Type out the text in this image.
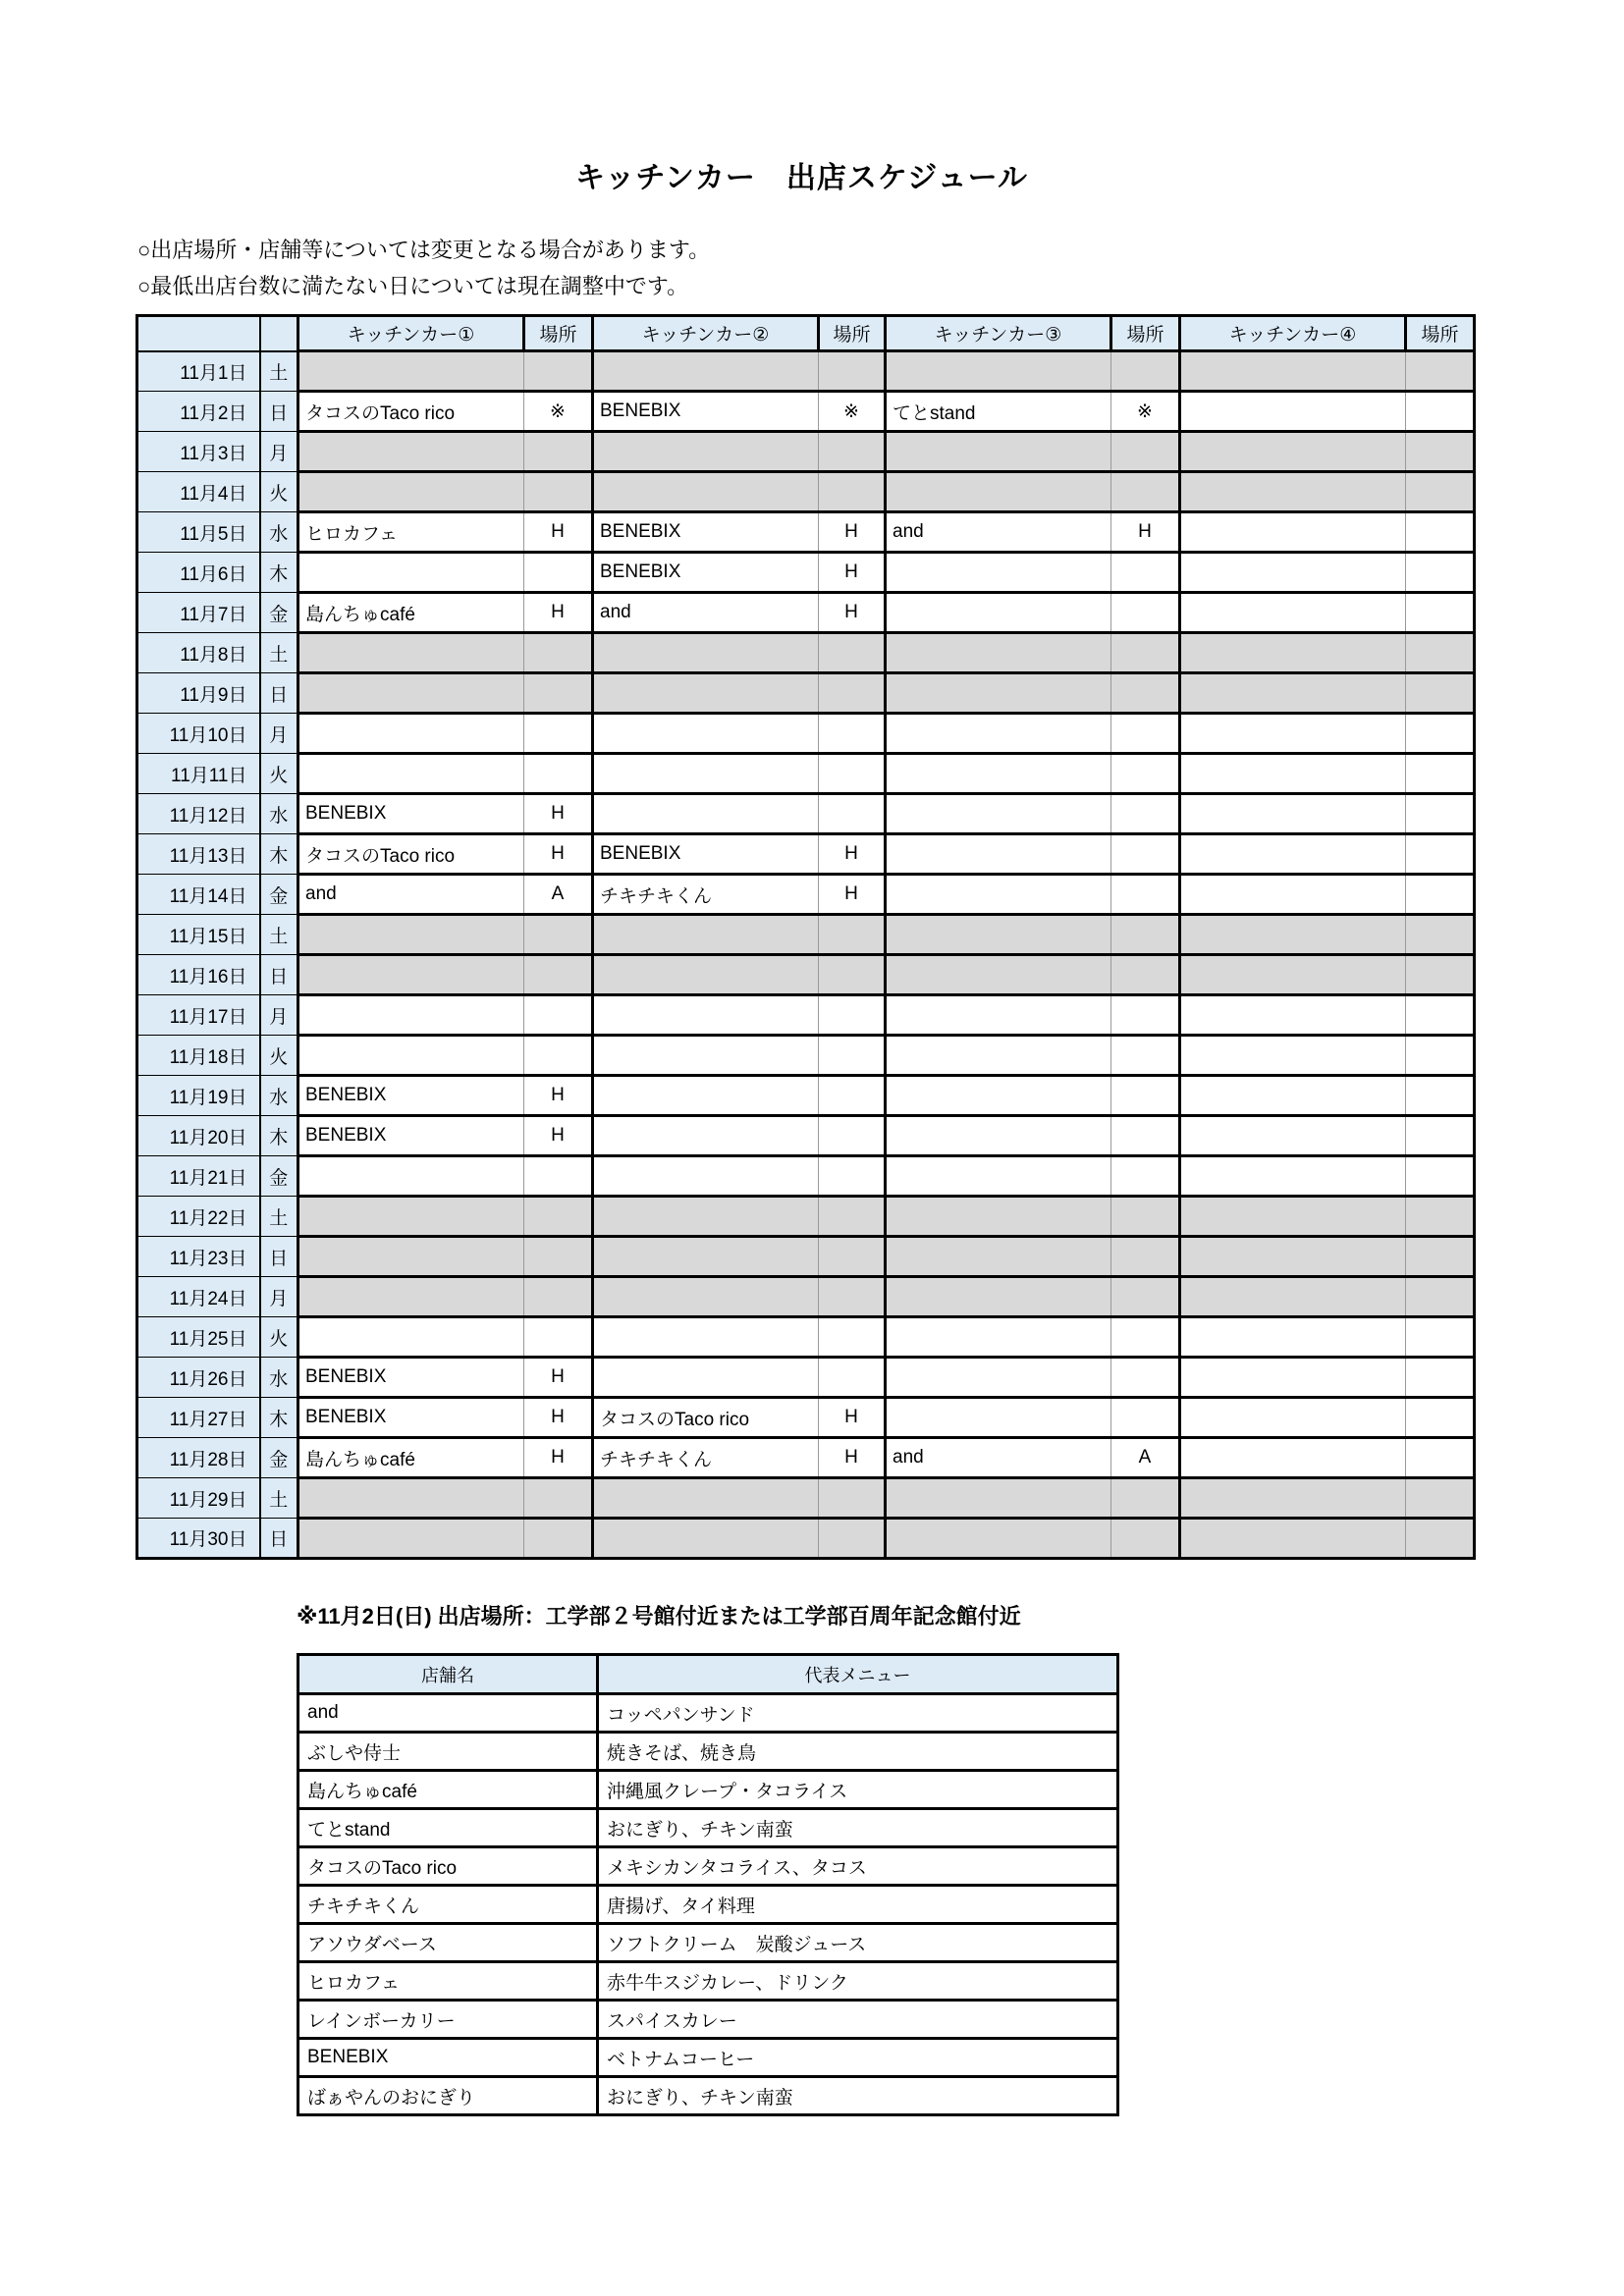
キッチンカー　出店スケジュール
○出店場所・店舗等については変更となる場合があります。
○最低出店台数に満たない日については現在調整中です。
		キッチンカー①	場所	キッチンカー②	場所	キッチンカー③	場所	キッチンカー④	場所
11月1日	土								
11月2日	日	タコスのTaco rico	※	BENEBIX	※	てとstand	※		
11月3日	月								
11月4日	火								
11月5日	水	ヒロカフェ	H	BENEBIX	H	and	H		
11月6日	木			BENEBIX	H				
11月7日	金	島んちゅcafé	H	and	H				
11月8日	土								
11月9日	日								
11月10日	月								
11月11日	火								
11月12日	水	BENEBIX	H						
11月13日	木	タコスのTaco rico	H	BENEBIX	H				
11月14日	金	and	A	チキチキくん	H				
11月15日	土								
11月16日	日								
11月17日	月								
11月18日	火								
11月19日	水	BENEBIX	H						
11月20日	木	BENEBIX	H						
11月21日	金								
11月22日	土								
11月23日	日								
11月24日	月								
11月25日	火								
11月26日	水	BENEBIX	H						
11月27日	木	BENEBIX	H	タコスのTaco rico	H				
11月28日	金	島んちゅcafé	H	チキチキくん	H	and	A		
11月29日	土								
11月30日	日								
※11月2日(日) 出店場所：工学部２号館付近または工学部百周年記念館付近
店舗名	代表メニュー
and	コッペパンサンド
ぶしや侍士	焼きそば、焼き鳥
島んちゅcafé	沖縄風クレープ・タコライス
てとstand	おにぎり、チキン南蛮
タコスのTaco rico	メキシカンタコライス、タコス
チキチキくん	唐揚げ、タイ料理
アソウダベース	ソフトクリーム　炭酸ジュース
ヒロカフェ	赤牛牛スジカレー、ドリンク
レインボーカリー	スパイスカレー
BENEBIX	ベトナムコーヒー
ばぁやんのおにぎり	おにぎり、チキン南蛮
